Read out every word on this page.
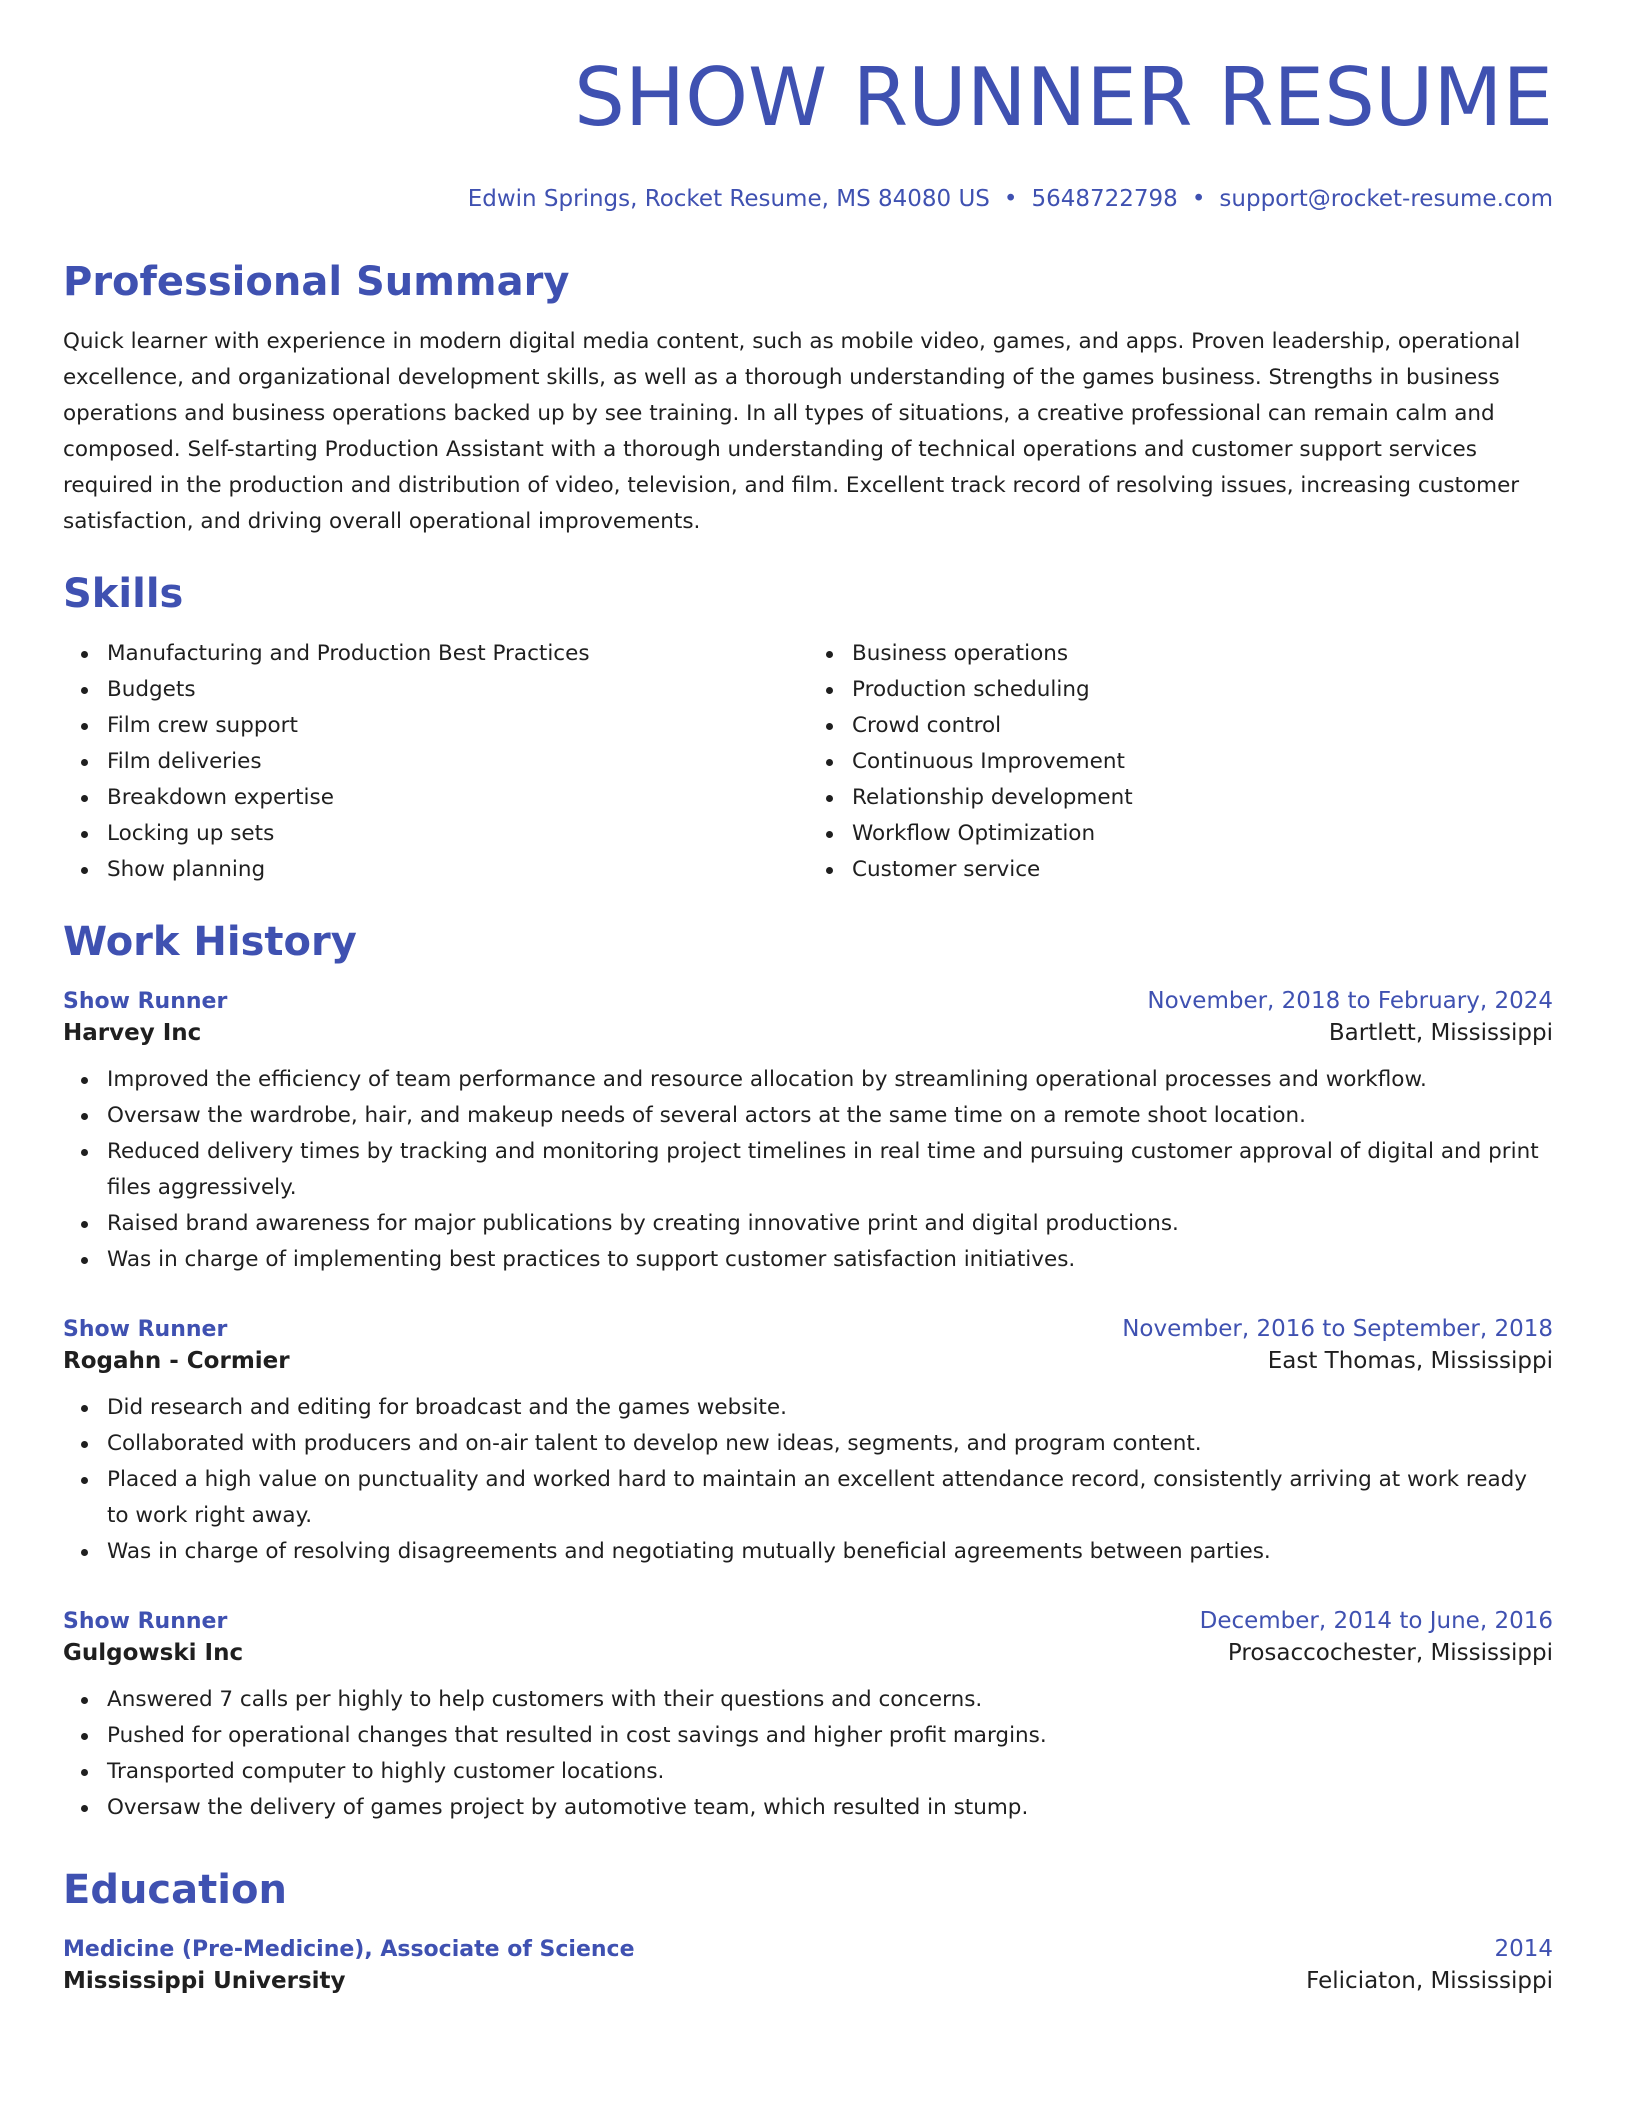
SHOW RUNNER RESUME
Edwin Springs, Rocket Resume, MS 84080 US • 5648722798 • support@rocket-resume.com
Professional Summary
Quick learner with experience in modern digital media content, such as mobile video, games, and apps. Proven leadership, operational excellence, and organizational development skills, as well as a thorough understanding of the games business. Strengths in business operations and business operations backed up by see training. In all types of situations, a creative professional can remain calm and composed. Self-starting Production Assistant with a thorough understanding of technical operations and customer support services required in the production and distribution of video, television, and film. Excellent track record of resolving issues, increasing customer satisfaction, and driving overall operational improvements.
Skills
Manufacturing and Production Best Practices
Budgets
Film crew support
Film deliveries
Breakdown expertise
Locking up sets
Show planning
Business operations
Production scheduling
Crowd control
Continuous Improvement
Relationship development
Workflow Optimization
Customer service
Work History
Show Runner	November, 2018 to February, 2024
Harvey Inc	Bartlett, Mississippi
Improved the efficiency of team performance and resource allocation by streamlining operational processes and workflow.
Oversaw the wardrobe, hair, and makeup needs of several actors at the same time on a remote shoot location.
Reduced delivery times by tracking and monitoring project timelines in real time and pursuing customer approval of digital and print files aggressively.
Raised brand awareness for major publications by creating innovative print and digital productions.
Was in charge of implementing best practices to support customer satisfaction initiatives.
Show Runner	November, 2016 to September, 2018
Rogahn - Cormier	East Thomas, Mississippi
Did research and editing for broadcast and the games website.
Collaborated with producers and on-air talent to develop new ideas, segments, and program content.
Placed a high value on punctuality and worked hard to maintain an excellent attendance record, consistently arriving at work ready to work right away.
Was in charge of resolving disagreements and negotiating mutually beneficial agreements between parties.
Show Runner	December, 2014 to June, 2016
Gulgowski Inc	Prosaccochester, Mississippi
Answered 7 calls per highly to help customers with their questions and concerns.
Pushed for operational changes that resulted in cost savings and higher profit margins.
Transported computer to highly customer locations.
Oversaw the delivery of games project by automotive team, which resulted in stump.
Education
Medicine (Pre-Medicine), Associate of Science	2014
Mississippi University	Feliciaton, Mississippi
